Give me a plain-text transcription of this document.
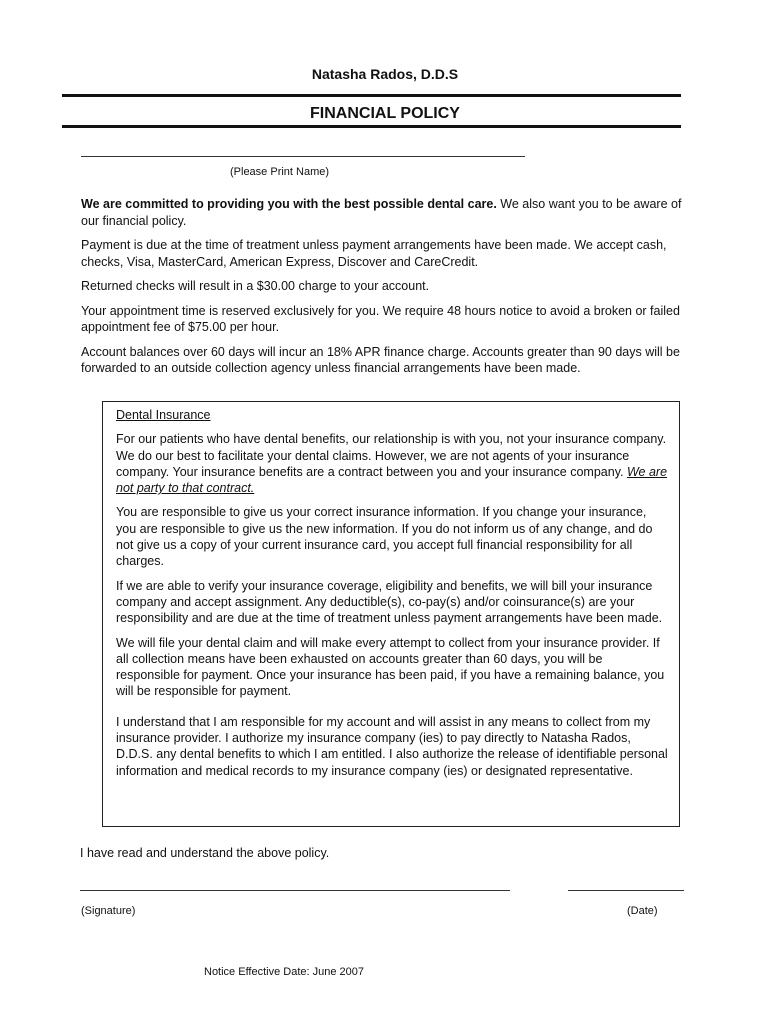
Natasha Rados, D.D.S
FINANCIAL POLICY
(Please Print Name)

We are committed to providing you with the best possible dental care. We also want you to be aware of our financial policy.

Payment is due at the time of treatment unless payment arrangements have been made. We accept cash, checks, Visa, MasterCard, American Express, Discover and CareCredit.

Returned checks will result in a $30.00 charge to your account.

Your appointment time is reserved exclusively for you. We require 48 hours notice to avoid a broken or failed appointment fee of $75.00 per hour.

Account balances over 60 days will incur an 18% APR finance charge. Accounts greater than 90 days will be forwarded to an outside collection agency unless financial arrangements have been made.

Dental Insurance

For our patients who have dental benefits, our relationship is with you, not your insurance company. We do our best to facilitate your dental claims. However, we are not agents of your insurance company. Your insurance benefits are a contract between you and your insurance company. We are not party to that contract.

You are responsible to give us your correct insurance information. If you change your insurance, you are responsible to give us the new information. If you do not inform us of any change, and do not give us a copy of your current insurance card, you accept full financial responsibility for all charges.

If we are able to verify your insurance coverage, eligibility and benefits, we will bill your insurance company and accept assignment. Any deductible(s), co-pay(s) and/or coinsurance(s) are your responsibility and are due at the time of treatment unless payment arrangements have been made.

We will file your dental claim and will make every attempt to collect from your insurance provider. If all collection means have been exhausted on accounts greater than 60 days, you will be responsible for payment. Once your insurance has been paid, if you have a remaining balance, you will be responsible for payment.

I understand that I am responsible for my account and will assist in any means to collect from my insurance provider. I authorize my insurance company (ies) to pay directly to Natasha Rados, D.D.S. any dental benefits to which I am entitled. I also authorize the release of identifiable personal information and medical records to my insurance company (ies) or designated representative.

I have read and understand the above policy.
(Signature)	(Date)
Notice Effective Date: June 2007
